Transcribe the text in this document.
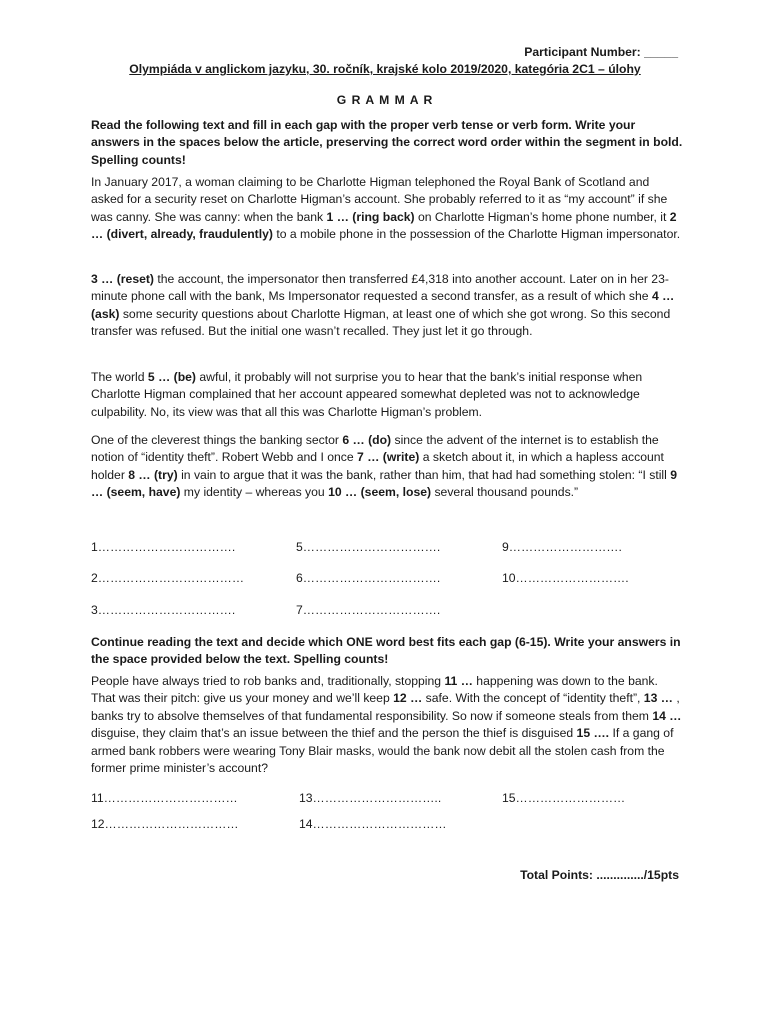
Participant Number: _____
Olympiáda v anglickom jazyku, 30. ročník, krajské kolo 2019/2020, kategória 2C1 – úlohy
G R A M M A R

Read the following text and fill in each gap with the proper verb tense or verb form. Write your answers in the spaces below the article, preserving the correct word order within the segment in bold. Spelling counts!

In January 2017, a woman claiming to be Charlotte Higman telephoned the Royal Bank of Scotland and asked for a security reset on Charlotte Higman’s account. She probably referred to it as “my account” if she was canny. She was canny: when the bank 1 … (ring back) on Charlotte Higman’s home phone number, it 2 … (divert, already, fraudulently) to a mobile phone in the possession of the Charlotte Higman impersonator.

3 … (reset) the account, the impersonator then transferred £4,318 into another account. Later on in her 23-minute phone call with the bank, Ms Impersonator requested a second transfer, as a result of which she 4 … (ask) some security questions about Charlotte Higman, at least one of which she got wrong. So this second transfer was refused. But the initial one wasn’t recalled. They just let it go through.

The world 5 … (be) awful, it probably will not surprise you to hear that the bank’s initial response when Charlotte Higman complained that her account appeared somewhat depleted was not to acknowledge culpability. No, its view was that all this was Charlotte Higman’s problem.

One of the cleverest things the banking sector 6 … (do) since the advent of the internet is to establish the notion of “identity theft”. Robert Webb and I once 7 … (write) a sketch about it, in which a hapless account holder 8 … (try) in vain to argue that it was the bank, rather than him, that had had something stolen: “I still 9 … (seem, have) my identity – whereas you 10 … (seem, lose) several thousand pounds.”

1…………………………….	5…………………………….	9……………………….
2………………………………	6…………………………….	10……………………….
3…………………………….	7…………………………….

Continue reading the text and decide which ONE word best fits each gap (6-15). Write your answers in the space provided below the text. Spelling counts!

People have always tried to rob banks and, traditionally, stopping 11 … happening was down to the bank. That was their pitch: give us your money and we’ll keep 12 … safe. With the concept of “identity theft”, 13 … , banks try to absolve themselves of that fundamental responsibility. So now if someone steals from them 14 … disguise, they claim that’s an issue between the thief and the person the thief is disguised 15 …. If a gang of armed bank robbers were wearing Tony Blair masks, would the bank now debit all the stolen cash from the former prime minister’s account?

11……………………………	13…………………………..	15………………………
12……………………………	14……………………………
Total Points: ............../15pts
